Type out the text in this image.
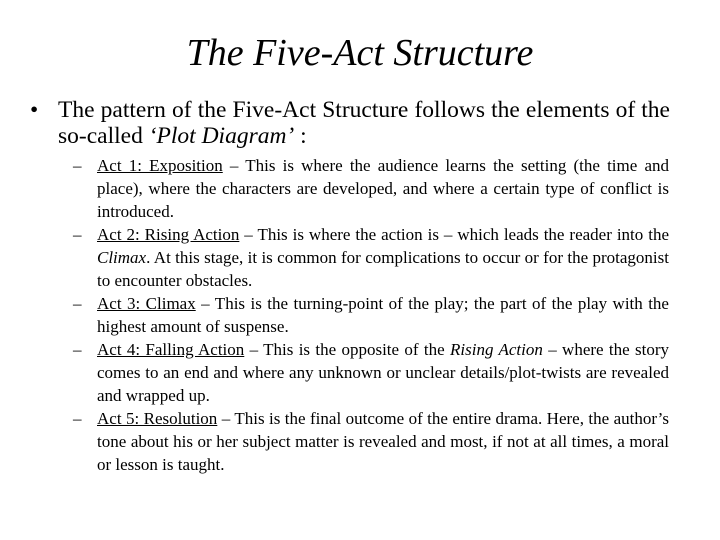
The Five-Act Structure
• The pattern of the Five-Act Structure follows the elements of the so-called ‘Plot Diagram’ :
– Act 1: Exposition – This is where the audience learns the setting (the time and place), where the characters are developed, and where a certain type of conflict is introduced.
– Act 2: Rising Action – This is where the action is – which leads the reader into the Climax. At this stage, it is common for complications to occur or for the protagonist to encounter obstacles.
– Act 3: Climax – This is the turning-point of the play; the part of the play with the highest amount of suspense.
– Act 4: Falling Action – This is the opposite of the Rising Action – where the story comes to an end and where any unknown or unclear details/plot-twists are revealed and wrapped up.
– Act 5: Resolution – This is the final outcome of the entire drama. Here, the author’s tone about his or her subject matter is revealed and most, if not at all times, a moral or lesson is taught.
